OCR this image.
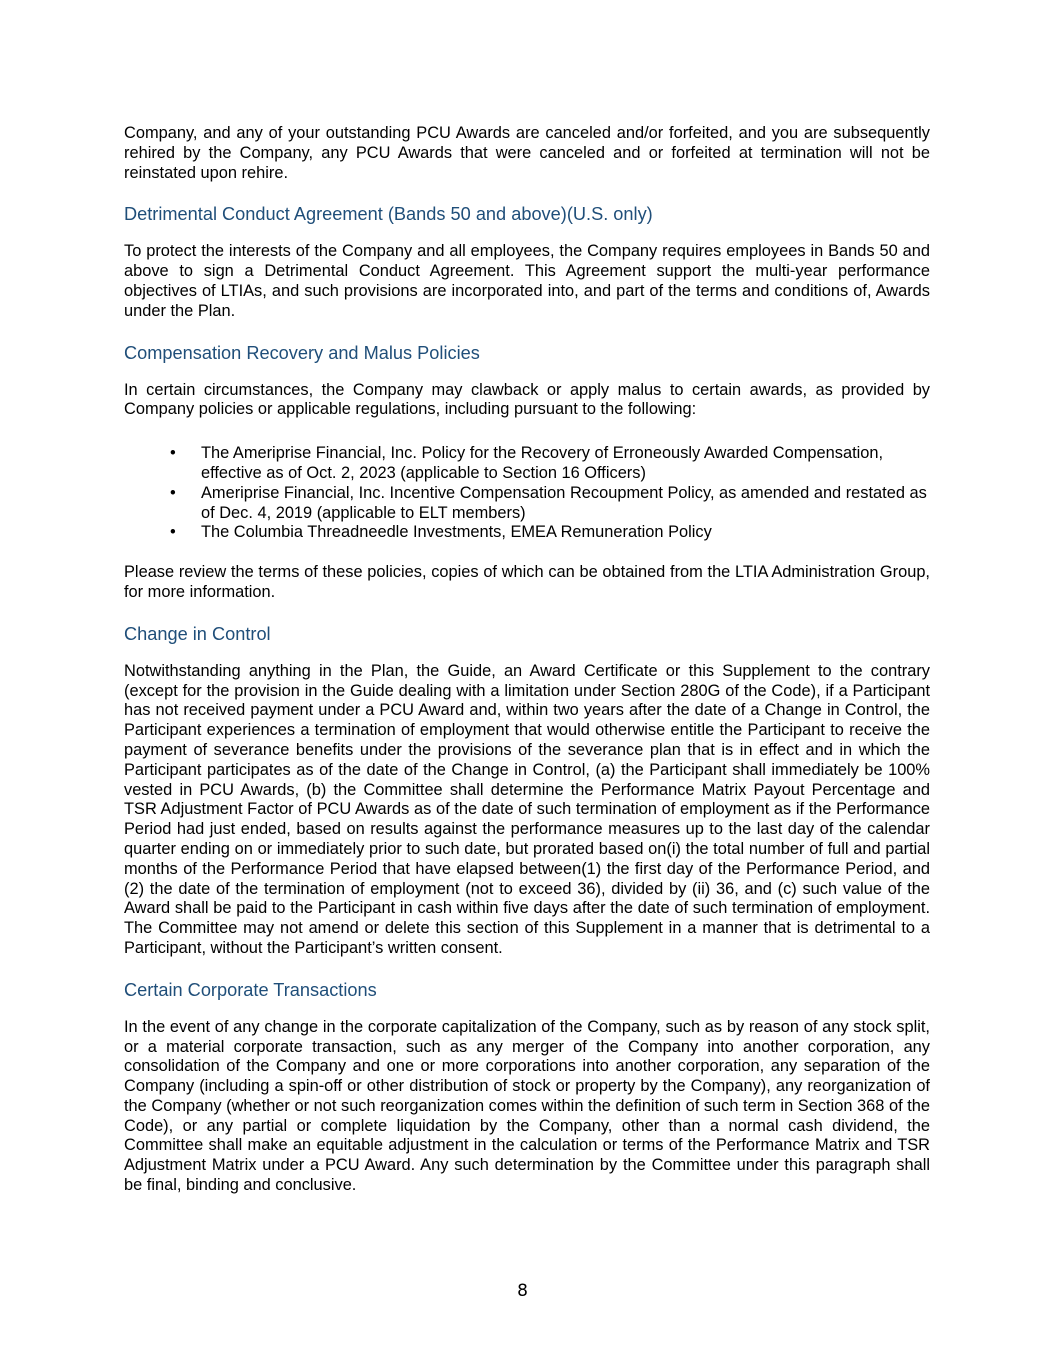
Company, and any of your outstanding PCU Awards are canceled and/or forfeited, and you are subsequently rehired by the Company, any PCU Awards that were canceled and or forfeited at termination will not be reinstated upon rehire.

Detrimental Conduct Agreement (Bands 50 and above)(U.S. only)

To protect the interests of the Company and all employees, the Company requires employees in Bands 50 and above to sign a Detrimental Conduct Agreement. This Agreement support the multi-year performance objectives of LTIAs, and such provisions are incorporated into, and part of the terms and conditions of, Awards under the Plan.

Compensation Recovery and Malus Policies

In certain circumstances, the Company may clawback or apply malus to certain awards, as provided by Company policies or applicable regulations, including pursuant to the following:

• The Ameriprise Financial, Inc. Policy for the Recovery of Erroneously Awarded Compensation, effective as of Oct. 2, 2023 (applicable to Section 16 Officers)
• Ameriprise Financial, Inc. Incentive Compensation Recoupment Policy, as amended and restated as of Dec. 4, 2019 (applicable to ELT members)
• The Columbia Threadneedle Investments, EMEA Remuneration Policy

Please review the terms of these policies, copies of which can be obtained from the LTIA Administration Group, for more information.

Change in Control

Notwithstanding anything in the Plan, the Guide, an Award Certificate or this Supplement to the contrary (except for the provision in the Guide dealing with a limitation under Section 280G of the Code), if a Participant has not received payment under a PCU Award and, within two years after the date of a Change in Control, the Participant experiences a termination of employment that would otherwise entitle the Participant to receive the payment of severance benefits under the provisions of the severance plan that is in effect and in which the Participant participates as of the date of the Change in Control, (a) the Participant shall immediately be 100% vested in PCU Awards, (b) the Committee shall determine the Performance Matrix Payout Percentage and TSR Adjustment Factor of PCU Awards as of the date of such termination of employment as if the Performance Period had just ended, based on results against the performance measures up to the last day of the calendar quarter ending on or immediately prior to such date, but prorated based on(i) the total number of full and partial months of the Performance Period that have elapsed between(1) the first day of the Performance Period, and (2) the date of the termination of employment (not to exceed 36), divided by (ii) 36, and (c) such value of the Award shall be paid to the Participant in cash within five days after the date of such termination of employment. The Committee may not amend or delete this section of this Supplement in a manner that is detrimental to a Participant, without the Participant’s written consent.

Certain Corporate Transactions

In the event of any change in the corporate capitalization of the Company, such as by reason of any stock split, or a material corporate transaction, such as any merger of the Company into another corporation, any consolidation of the Company and one or more corporations into another corporation, any separation of the Company (including a spin-off or other distribution of stock or property by the Company), any reorganization of the Company (whether or not such reorganization comes within the definition of such term in Section 368 of the Code), or any partial or complete liquidation by the Company, other than a normal cash dividend, the Committee shall make an equitable adjustment in the calculation or terms of the Performance Matrix and TSR Adjustment Matrix under a PCU Award. Any such determination by the Committee under this paragraph shall be final, binding and conclusive.

8
